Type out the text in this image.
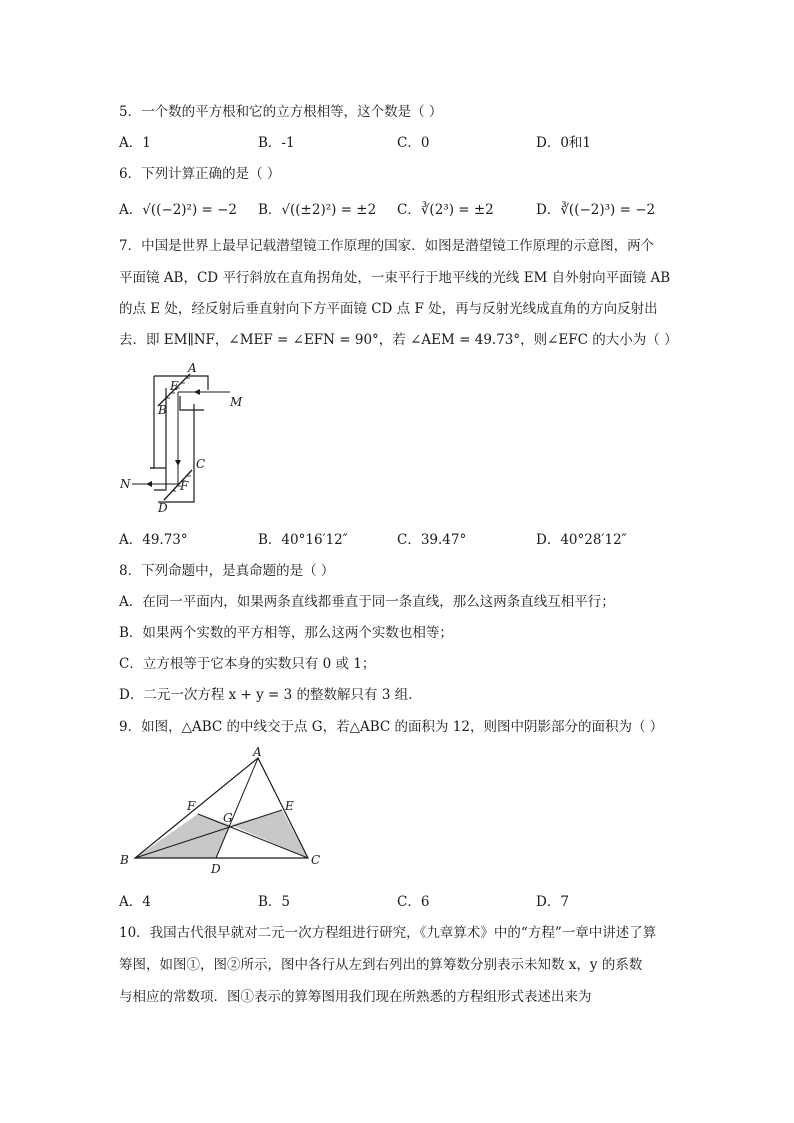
5．一个数的平方根和它的立方根相等，这个数是（ ）
A．1	B．-1	C．0	D．0和1
6．下列计算正确的是（ ）
A．√((−2)²) = −2 B．√((±2)²) = ±2 C．∛(2³) = ±2	D．∛((−2)³) = −2
7．中国是世界上最早记载潜望镜工作原理的国家．如图是潜望镜工作原理的示意图，两个
平面镜 AB，CD 平行斜放在直角拐角处，一束平行于地平线的光线 EM 自外射向平面镜 AB
的点 E 处，经反射后垂直射向下方平面镜 CD 点 F 处，再与反射光线成直角的方向反射出
去．即 EM∥NF，∠MEF = ∠EFN = 90°，若 ∠AEM = 49.73°，则∠EFC 的大小为（ ）
A
E
B
M
C
F
N
D
A．49.73°	B．40°16′12″	C．39.47°	D．40°28′12″
8．下列命题中，是真命题的是（ ）
A．在同一平面内，如果两条直线都垂直于同一条直线，那么这两条直线互相平行；
B．如果两个实数的平方相等，那么这两个实数也相等；
C．立方根等于它本身的实数只有 0 或 1；
D．二元一次方程 x + y = 3 的整数解只有 3 组．
9．如图，△ABC 的中线交于点 G，若△ABC 的面积为 12，则图中阴影部分的面积为（ ）
A
B	C
D
E
F
G
A．4	B．5	C．6	D．7
10．我国古代很早就对二元一次方程组进行研究，《九章算术》中的“方程”一章中讲述了算
筹图，如图①，图②所示，图中各行从左到右列出的算筹数分别表示未知数 x，y 的系数
与相应的常数项．图①表示的算筹图用我们现在所熟悉的方程组形式表述出来为
